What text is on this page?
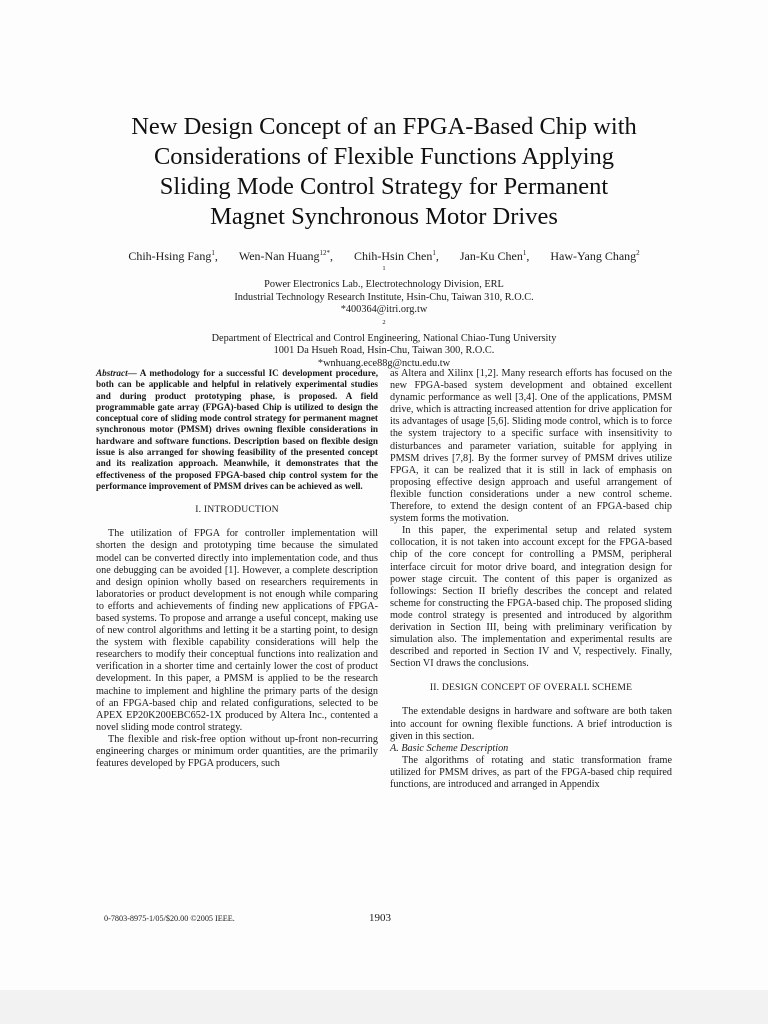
New Design Concept of an FPGA-Based Chip with
Considerations of Flexible Functions Applying
Sliding Mode Control Strategy for Permanent
Magnet Synchronous Motor Drives
Chih-Hsing Fang$^1$, Wen-Nan Huang$^{12*}$, Chih-Hsin Chen$^1$, Jan-Ku Chen$^1$, Haw-Yang Chang$^2$
$^1$
Power Electronics Lab., Electrotechnology Division, ERL
Industrial Technology Research Institute, Hsin-Chu, Taiwan 310, R.O.C.
*400364@itri.org.tw
$^2$
Department of Electrical and Control Engineering, National Chiao-Tung University
1001 Da Hsueh Road, Hsin-Chu, Taiwan 300, R.O.C.
*wnhuang.ece88g@nctu.edu.tw

Abstract— A methodology for a successful IC development procedure, both can be applicable and helpful in relatively experimental studies and during product prototyping phase, is proposed. A field programmable gate array (FPGA)-based Chip is utilized to design the conceptual core of sliding mode control strategy for permanent magnet synchronous motor (PMSM) drives owning flexible considerations in hardware and software functions. Description based on flexible design issue is also arranged for showing feasibility of the presented concept and its realization approach. Meanwhile, it demonstrates that the effectiveness of the proposed FPGA-based chip control system for the performance improvement of PMSM drives can be achieved as well.

I. INTRODUCTION

The utilization of FPGA for controller implementation will shorten the design and prototyping time because the simulated model can be converted directly into implementation code, and thus one debugging can be avoided [1]. However, a complete description and design opinion wholly based on researchers requirements in laboratories or product development is not enough while comparing to efforts and achievements of finding new applications of FPGA-based systems. To propose and arrange a useful concept, making use of new control algorithms and letting it be a starting point, to design the system with flexible capability considerations will help the researchers to modify their conceptual functions into realization and verification in a shorter time and certainly lower the cost of product development. In this paper, a PMSM is applied to be the research machine to implement and highline the primary parts of the design of an FPGA-based chip and related configurations, selected to be APEX EP20K200EBC652-1X produced by Altera Inc., contented a novel sliding mode control strategy.

The flexible and risk-free option without up-front non-recurring engineering charges or minimum order quantities, are the primarily features developed by FPGA producers, such

as Altera and Xilinx [1,2]. Many research efforts has focused on the new FPGA-based system development and obtained excellent dynamic performance as well [3,4]. One of the applications, PMSM drive, which is attracting increased attention for drive application for its advantages of usage [5,6]. Sliding mode control, which is to force the system trajectory to a specific surface with insensitivity to disturbances and parameter variation, suitable for applying in PMSM drives [7,8]. By the former survey of PMSM drives utilize FPGA, it can be realized that it is still in lack of emphasis on proposing effective design approach and useful arrangement of flexible function considerations under a new control scheme. Therefore, to extend the design content of an FPGA-based chip system forms the motivation.

In this paper, the experimental setup and related system collocation, it is not taken into account except for the FPGA-based chip of the core concept for controlling a PMSM, peripheral interface circuit for motor drive board, and integration design for power stage circuit. The content of this paper is organized as followings: Section II briefly describes the concept and related scheme for constructing the FPGA-based chip. The proposed sliding mode control strategy is presented and introduced by algorithm derivation in Section III, being with preliminary verification by simulation also. The implementation and experimental results are described and reported in Section IV and V, respectively. Finally, Section VI draws the conclusions.

II. DESIGN CONCEPT OF OVERALL SCHEME

The extendable designs in hardware and software are both taken into account for owning flexible functions. A brief introduction is given in this section.

A. Basic Scheme Description

The algorithms of rotating and static transformation frame utilized for PMSM drives, as part of the FPGA-based chip required functions, are introduced and arranged in Appendix

0-7803-8975-1/05/$20.00 ©2005 IEEE.	1903
